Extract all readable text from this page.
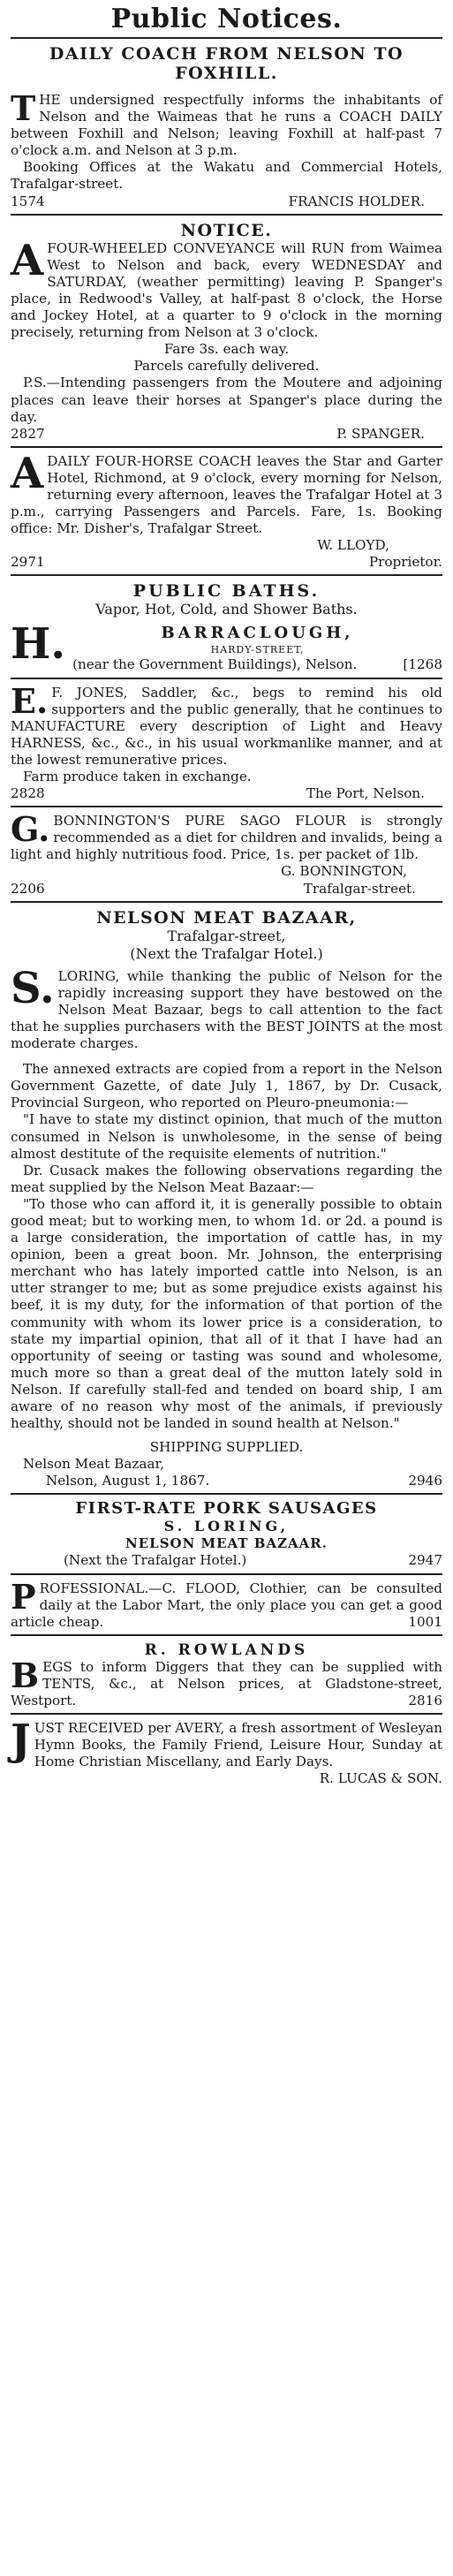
Public Notices.
DAILY COACH FROM NELSON TO FOXHILL.
T HE undersigned respectfully informs the inhabitants of Nelson and the Waimeas that he runs a COACH DAILY between Foxhill and Nelson; leaving Foxhill at half-past 7 o'clock a.m. and Nelson at 3 p.m.

Booking Offices at the Wakatu and Commercial Hotels, Trafalgar-street.

1574	FRANCIS HOLDER.
NOTICE.
A FOUR-WHEELED CONVEYANCE will RUN from Waimea West to Nelson and back, every WEDNESDAY and SATURDAY, (weather permitting) leaving P. Spanger's place, in Redwood's Valley, at half-past 8 o'clock, the Horse and Jockey Hotel, at a quarter to 9 o'clock in the morning precisely, returning from Nelson at 3 o'clock.

Fare 3s. each way.
Parcels carefully delivered.

P.S.—Intending passengers from the Moutere and adjoining places can leave their horses at Spanger's place during the day.

2827	P. SPANGER.
A DAILY FOUR-HORSE COACH leaves the Star and Garter Hotel, Richmond, at 9 o'clock, every morning for Nelson, returning every afternoon, leaves the Trafalgar Hotel at 3 p.m., carrying Passengers and Parcels. Fare, 1s. Booking office: Mr. Disher's, Trafalgar Street.

W. LLOYD,
2971	Proprietor.
PUBLIC BATHS.
Vapor, Hot, Cold, and Shower Baths.
H.	BARRACLOUGH,
HARDY-STREET,
(near the Government Buildings), Nelson.	[1268
E. F. JONES, Saddler, &c., begs to remind his old supporters and the public generally, that he continues to MANUFACTURE every description of Light and Heavy HARNESS, &c., &c., in his usual workmanlike manner, and at the lowest remunerative prices.

Farm produce taken in exchange.

2828	The Port, Nelson.
G. BONNINGTON'S PURE SAGO FLOUR is strongly recommended as a diet for children and invalids, being a light and highly nutritious food. Price, 1s. per packet of 1lb.

G. BONNINGTON,
2206	Trafalgar-street.
NELSON MEAT BAZAAR,
Trafalgar-street,
(Next the Trafalgar Hotel.)
S. LORING, while thanking the public of Nelson for the rapidly increasing support they have bestowed on the Nelson Meat Bazaar, begs to call attention to the fact that he supplies purchasers with the BEST JOINTS at the most moderate charges.

The annexed extracts are copied from a report in the Nelson Government Gazette, of date July 1, 1867, by Dr. Cusack, Provincial Surgeon, who reported on Pleuro-pneumonia:—

"I have to state my distinct opinion, that much of the mutton consumed in Nelson is unwholesome, in the sense of being almost destitute of the requisite elements of nutrition."

Dr. Cusack makes the following observations regarding the meat supplied by the Nelson Meat Bazaar:—

"To those who can afford it, it is generally possible to obtain good meat; but to working men, to whom 1d. or 2d. a pound is a large consideration, the importation of cattle has, in my opinion, been a great boon. Mr. Johnson, the enterprising merchant who has lately imported cattle into Nelson, is an utter stranger to me; but as some prejudice exists against his beef, it is my duty, for the information of that portion of the community with whom its lower price is a consideration, to state my impartial opinion, that all of it that I have had an opportunity of seeing or tasting was sound and wholesome, much more so than a great deal of the mutton lately sold in Nelson. If carefully stall-fed and tended on board ship, I am aware of no reason why most of the animals, if previously healthy, should not be landed in sound health at Nelson."

SHIPPING SUPPLIED.
Nelson Meat Bazaar,
Nelson, August 1, 1867.	2946
FIRST-RATE PORK SAUSAGES
S. LORING,
NELSON MEAT BAZAAR.
(Next the Trafalgar Hotel.)	2947
P ROFESSIONAL.—C. FLOOD, Clothier, can be consulted daily at the Labor Mart, the only place you can get a good article cheap.	1001

R. ROWLANDS
B EGS to inform Diggers that they can be supplied with TENTS, &c., at Nelson prices, at Gladstone-street, Westport.	2816

J UST RECEIVED per AVERY, a fresh assortment of Wesleyan Hymn Books, the Family Friend, Leisure Hour, Sunday at Home Christian Miscellany, and Early Days.

R. LUCAS & SON.
